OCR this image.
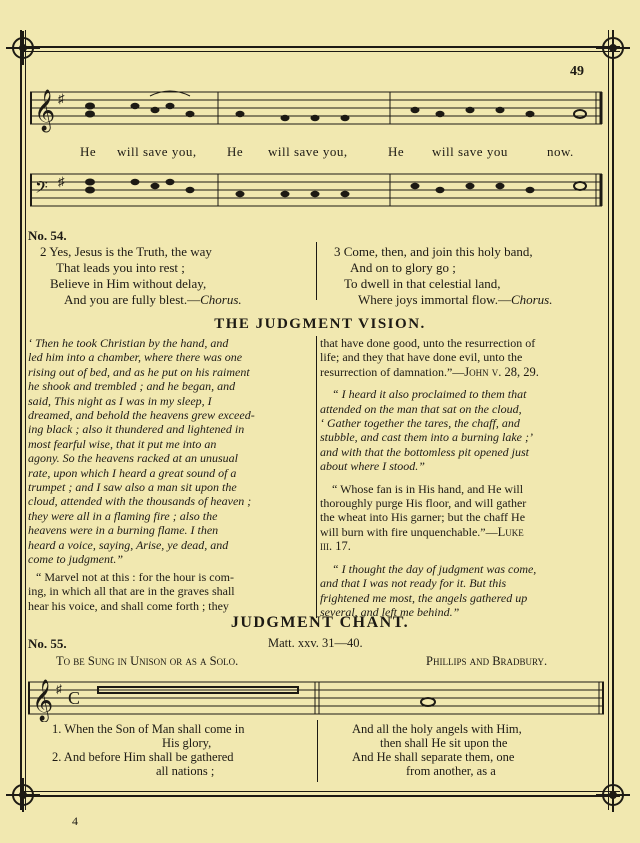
49
𝄞 ♯
He will save you, He will save you,	He will save you	now.
𝄢 ♯
No. 54.
2 Yes, Jesus is the Truth, the way
That leads you into rest ;
Believe in Him without delay,
And you are fully blest.—Chorus.
3 Come, then, and join this holy band,
And on to glory go ;
To dwell in that celestial land,
Where joys immortal flow.—Chorus.
THE JUDGMENT VISION.
‘ Then he took Christian by the hand, and
led him into a chamber, where there was one
rising out of bed, and as he put on his raiment
he shook and trembled ; and he began, and
said, This night as I was in my sleep, I
dreamed, and behold the heavens grew exceed-
ing black ; also it thundered and lightened in
most fearful wise, that it put me into an
agony. So the heavens racked at an unusual
rate, upon which I heard a great sound of a
trumpet ; and I saw also a man sit upon the
cloud, attended with the thousands of heaven ;
they were all in a flaming fire ; also the
heavens were in a burning flame. I then
heard a voice, saying, Arise, ye dead, and
come to judgment.”
“ Marvel not at this : for the hour is com-
ing, in which all that are in the graves shall
hear his voice, and shall come forth ; they
that have done good, unto the resurrection of
life; and they that have done evil, unto the
resurrection of damnation.”—John v. 28, 29.
“ I heard it also proclaimed to them that
attended on the man that sat on the cloud,
‘ Gather together the tares, the chaff, and
stubble, and cast them into a burning lake ;’
and with that the bottomless pit opened just
about where I stood.”
“ Whose fan is in His hand, and He will
thoroughly purge His floor, and will gather
the wheat into His garner; but the chaff He
will burn with fire unquenchable.”—Luke
iii. 17.
“ I thought the day of judgment was come,
and that I was not ready for it. But this
frightened me most, the angels gathered up
several, and left me behind.”
JUDGMENT CHANT.
No. 55.	Matt. xxv. 31—40.
To be Sung in Unison or as a Solo.	Phillips and Bradbury.
𝄞 ♯ C
1. When the Son of Man shall come in
His glory,
2. And before Him shall be gathered
all nations ;
And all the holy angels with Him,
then shall He sit upon the
And He shall separate them, one
from another, as a
4
